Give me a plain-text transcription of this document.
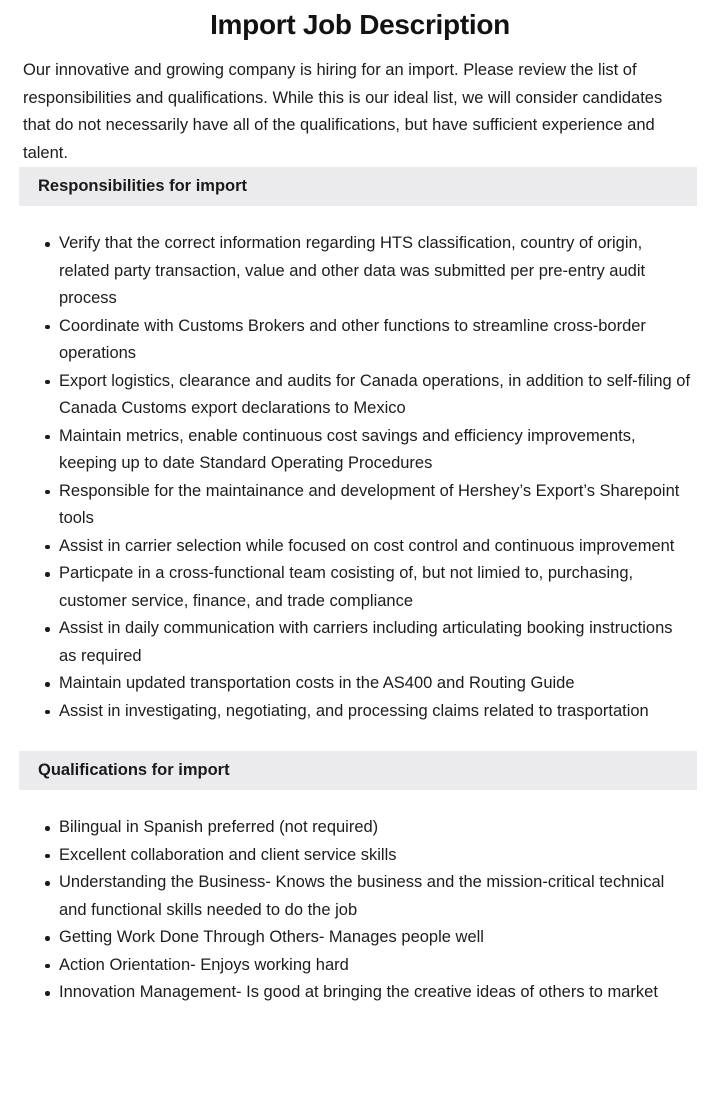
Import Job Description

Our innovative and growing company is hiring for an import. Please review the list of responsibilities and qualifications. While this is our ideal list, we will consider candidates that do not necessarily have all of the qualifications, but have sufficient experience and talent.

Responsibilities for import
Verify that the correct information regarding HTS classification, country of origin, related party transaction, value and other data was submitted per pre-entry audit process
Coordinate with Customs Brokers and other functions to streamline cross-border operations
Export logistics, clearance and audits for Canada operations, in addition to self-filing of Canada Customs export declarations to Mexico
Maintain metrics, enable continuous cost savings and efficiency improvements, keeping up to date Standard Operating Procedures
Responsible for the maintainance and development of Hershey’s Export’s Sharepoint tools
Assist in carrier selection while focused on cost control and continuous improvement
Particpate in a cross-functional team cosisting of, but not limied to, purchasing, customer service, finance, and trade compliance
Assist in daily communication with carriers including articulating booking instructions as required
Maintain updated transportation costs in the AS400 and Routing Guide
Assist in investigating, negotiating, and processing claims related to trasportation
Qualifications for import
Bilingual in Spanish preferred (not required)
Excellent collaboration and client service skills
Understanding the Business- Knows the business and the mission-critical technical and functional skills needed to do the job
Getting Work Done Through Others- Manages people well
Action Orientation- Enjoys working hard
Innovation Management- Is good at bringing the creative ideas of others to market
